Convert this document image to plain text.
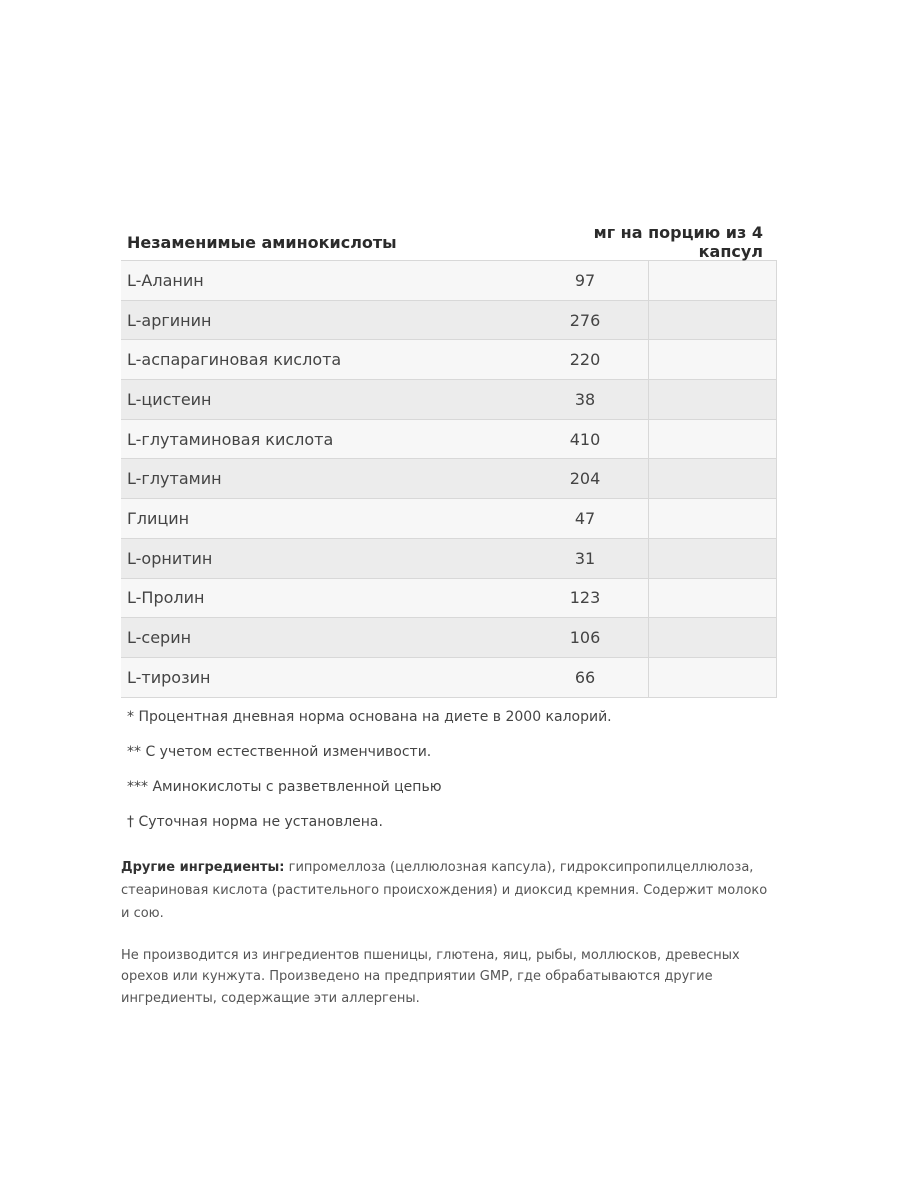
Незаменимые аминокислоты	мг на порцию из 4 капсул
L-Аланин	97	
L-аргинин	276	
L-аспарагиновая кислота	220	
L-цистеин	38	
L-глутаминовая кислота	410	
L-глутамин	204	
Глицин	47	
L-орнитин	31	
L-Пролин	123	
L-серин	106	
L-тирозин	66	

* Процентная дневная норма основана на диете в 2000 калорий.

** С учетом естественной изменчивости.

*** Аминокислоты с разветвленной цепью

† Суточная норма не установлена.

Другие ингредиенты: гипромеллоза (целлюлозная капсула), гидроксипропилцеллюлоза, стеариновая кислота (растительного происхождения) и диоксид кремния. Содержит молоко и сою.
Не производится из ингредиентов пшеницы, глютена, яиц, рыбы, моллюсков, древесных орехов или кунжута. Произведено на предприятии GMP, где обрабатываются другие ингредиенты, содержащие эти аллергены.
